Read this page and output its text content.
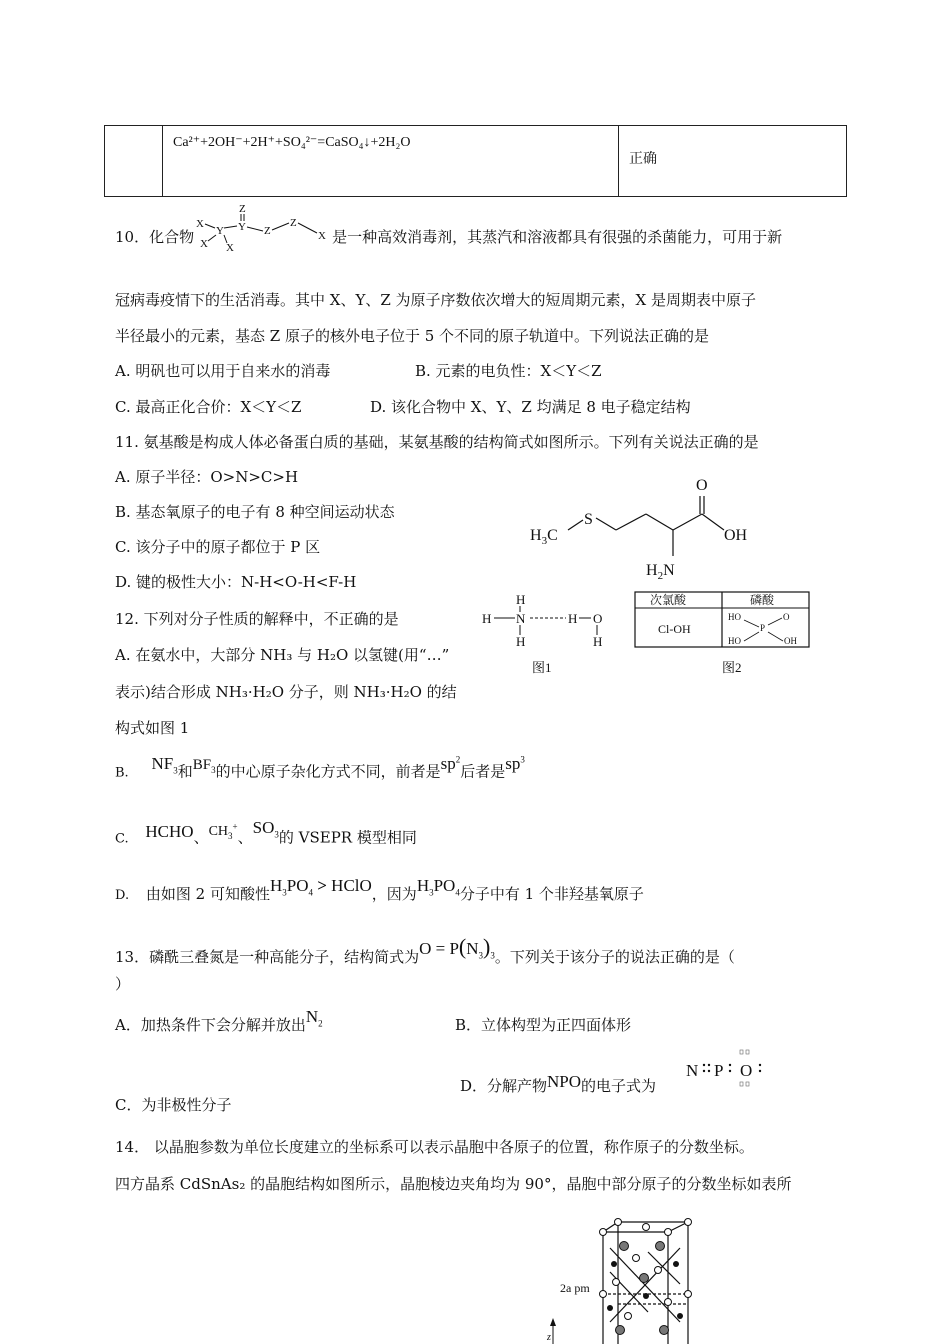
	Ca²⁺+2OH⁻+2H⁺+SO₄²⁻=CaSO₄↓+2H₂O	正确
10．化合物
X
Y
X X
Y
Z
Z
Z
X 是一种高效消毒剂，其蒸汽和溶液都具有很强的杀菌能力，可用于新
冠病毒疫情下的生活消毒。其中 X、Y、Z 为原子序数依次增大的短周期元素，X 是周期表中原子
半径最小的元素，基态 Z 原子的核外电子位于 5 个不同的原子轨道中。下列说法正确的是
A. 明矾也可以用于自来水的消毒	B. 元素的电负性：X＜Y＜Z
C. 最高正化合价：X＜Y＜Z	D. 该化合物中 X、Y、Z 均满足 8 电子稳定结构
11. 氨基酸是构成人体必备蛋白质的基础，某氨基酸的结构简式如图所示。下列有关说法正确的是
A. 原子半径：O>N>C>H
B. 基态氧原子的电子有 8 种空间运动状态
C. 该分子中的原子都位于 P 区
D. 键的极性大小：N-H<O-H<F-H
$H_3C$
S
O
OH
$H_2N$
12. 下列对分子性质的解释中，不正确的是
A. 在氨水中，大部分 NH₃ 与 H₂O 以氢键(用“…”
表示)结合形成 NH₃·H₂O 分子，则 NH₃·H₂O 的结
构式如图 1
H
H N
H
H O
H
图1
次氯酸	磷酸
Cl-OH
HO
P
O
HO	OH
图2
B. $NF_3$和$BF_3$的中心原子杂化方式不同，前者是$sp^2$后者是$sp^3$
C. HCHO、$CH_3^+$、$SO_3$的 VSEPR 模型相同
D. 由如图 2 可知酸性$H_3PO_4$ > HClO，因为$H_3PO_4$分子中有 1 个非羟基氧原子
13．磷酰三叠氮是一种高能分子，结构简式为$O = P(N_3)_3$。下列关于该分子的说法正确的是（
）
A．加热条件下会分解并放出$N_2$	B．立体构型为正四面体形
D．分解产物NPO的电子式为
N P O
C．为非极性分子
14． 以晶胞参数为单位长度建立的坐标系可以表示晶胞中各原子的位置，称作原子的分数坐标。
四方晶系 CdSnAs₂ 的晶胞结构如图所示，晶胞棱边夹角均为 90°，晶胞中部分原子的分数坐标如表所
2a pm
z
